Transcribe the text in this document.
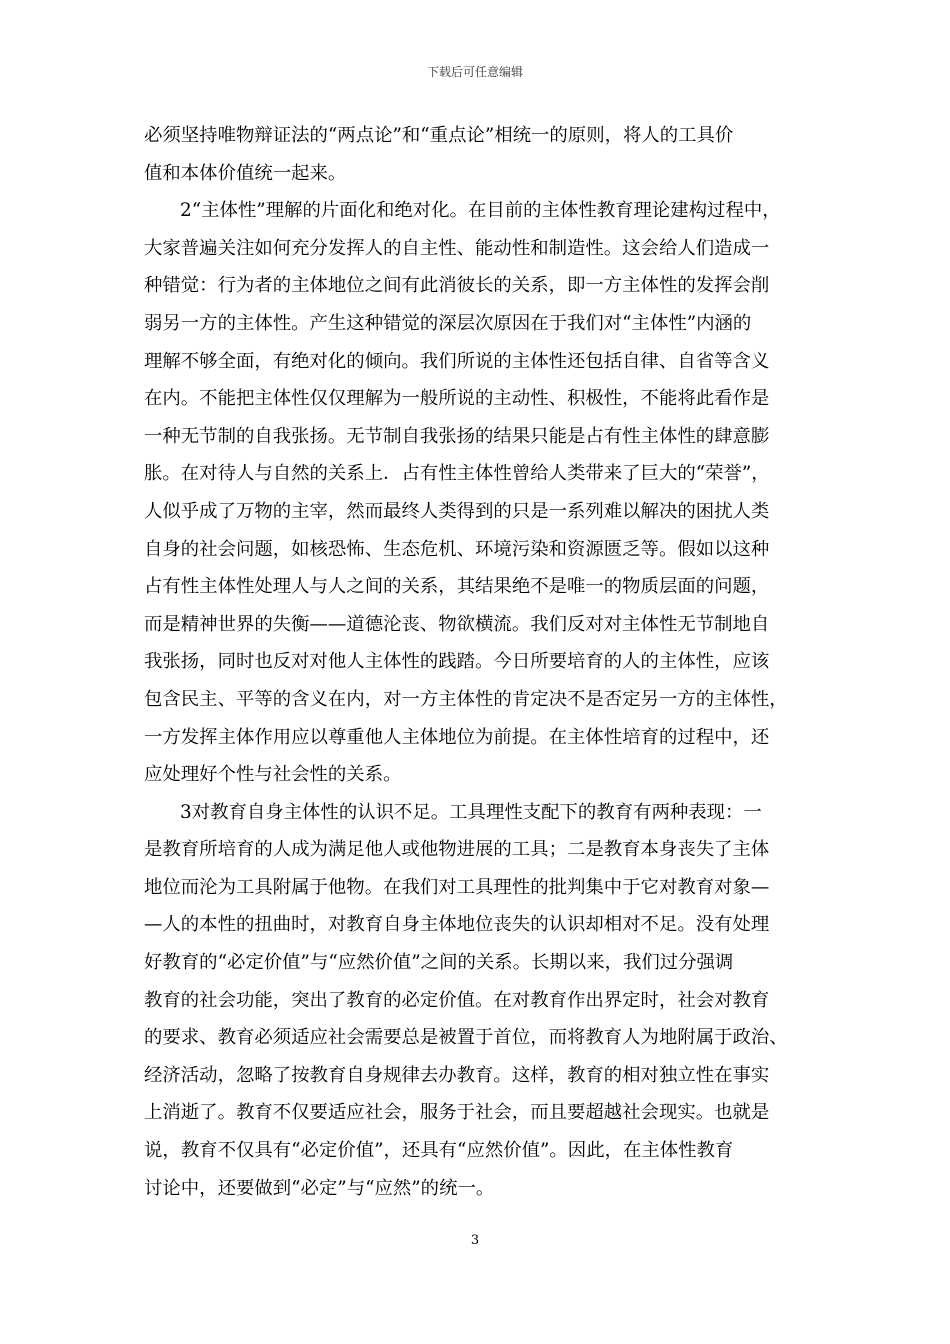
下载后可任意编辑
必须坚持唯物辩证法的“两点论”和“重点论”相统一的原则，将人的工具价
值和本体价值统一起来。
2“主体性”理解的片面化和绝对化。在目前的主体性教育理论建构过程中，
大家普遍关注如何充分发挥人的自主性、能动性和制造性。这会给人们造成一
种错觉：行为者的主体地位之间有此消彼长的关系，即一方主体性的发挥会削
弱另一方的主体性。产生这种错觉的深层次原因在于我们对“主体性”内涵的
理解不够全面，有绝对化的倾向。我们所说的主体性还包括自律、自省等含义
在内。不能把主体性仅仅理解为一般所说的主动性、积极性，不能将此看作是
一种无节制的自我张扬。无节制自我张扬的结果只能是占有性主体性的肆意膨
胀。在对待人与自然的关系上．占有性主体性曾给人类带来了巨大的“荣誉”，
人似乎成了万物的主宰，然而最终人类得到的只是一系列难以解决的困扰人类
自身的社会问题，如核恐怖、生态危机、环境污染和资源匮乏等。假如以这种
占有性主体性处理人与人之间的关系，其结果绝不是唯一的物质层面的问题，
而是精神世界的失衡——道德沦丧、物欲横流。我们反对对主体性无节制地自
我张扬，同时也反对对他人主体性的践踏。今日所要培育的人的主体性，应该
包含民主、平等的含义在内，对一方主体性的肯定决不是否定另一方的主体性，
一方发挥主体作用应以尊重他人主体地位为前提。在主体性培育的过程中，还
应处理好个性与社会性的关系。
3对教育自身主体性的认识不足。工具理性支配下的教育有两种表现：一
是教育所培育的人成为满足他人或他物进展的工具；二是教育本身丧失了主体
地位而沦为工具附属于他物。在我们对工具理性的批判集中于它对教育对象—
—人的本性的扭曲时，对教育自身主体地位丧失的认识却相对不足。没有处理
好教育的“必定价值”与“应然价值”之间的关系。长期以来，我们过分强调
教育的社会功能，突出了教育的必定价值。在对教育作出界定时，社会对教育
的要求、教育必须适应社会需要总是被置于首位，而将教育人为地附属于政治、
经济活动，忽略了按教育自身规律去办教育。这样，教育的相对独立性在事实
上消逝了。教育不仅要适应社会，服务于社会，而且要超越社会现实。也就是
说，教育不仅具有“必定价值”，还具有“应然价值”。因此，在主体性教育
讨论中，还要做到“必定”与“应然”的统一。
3
